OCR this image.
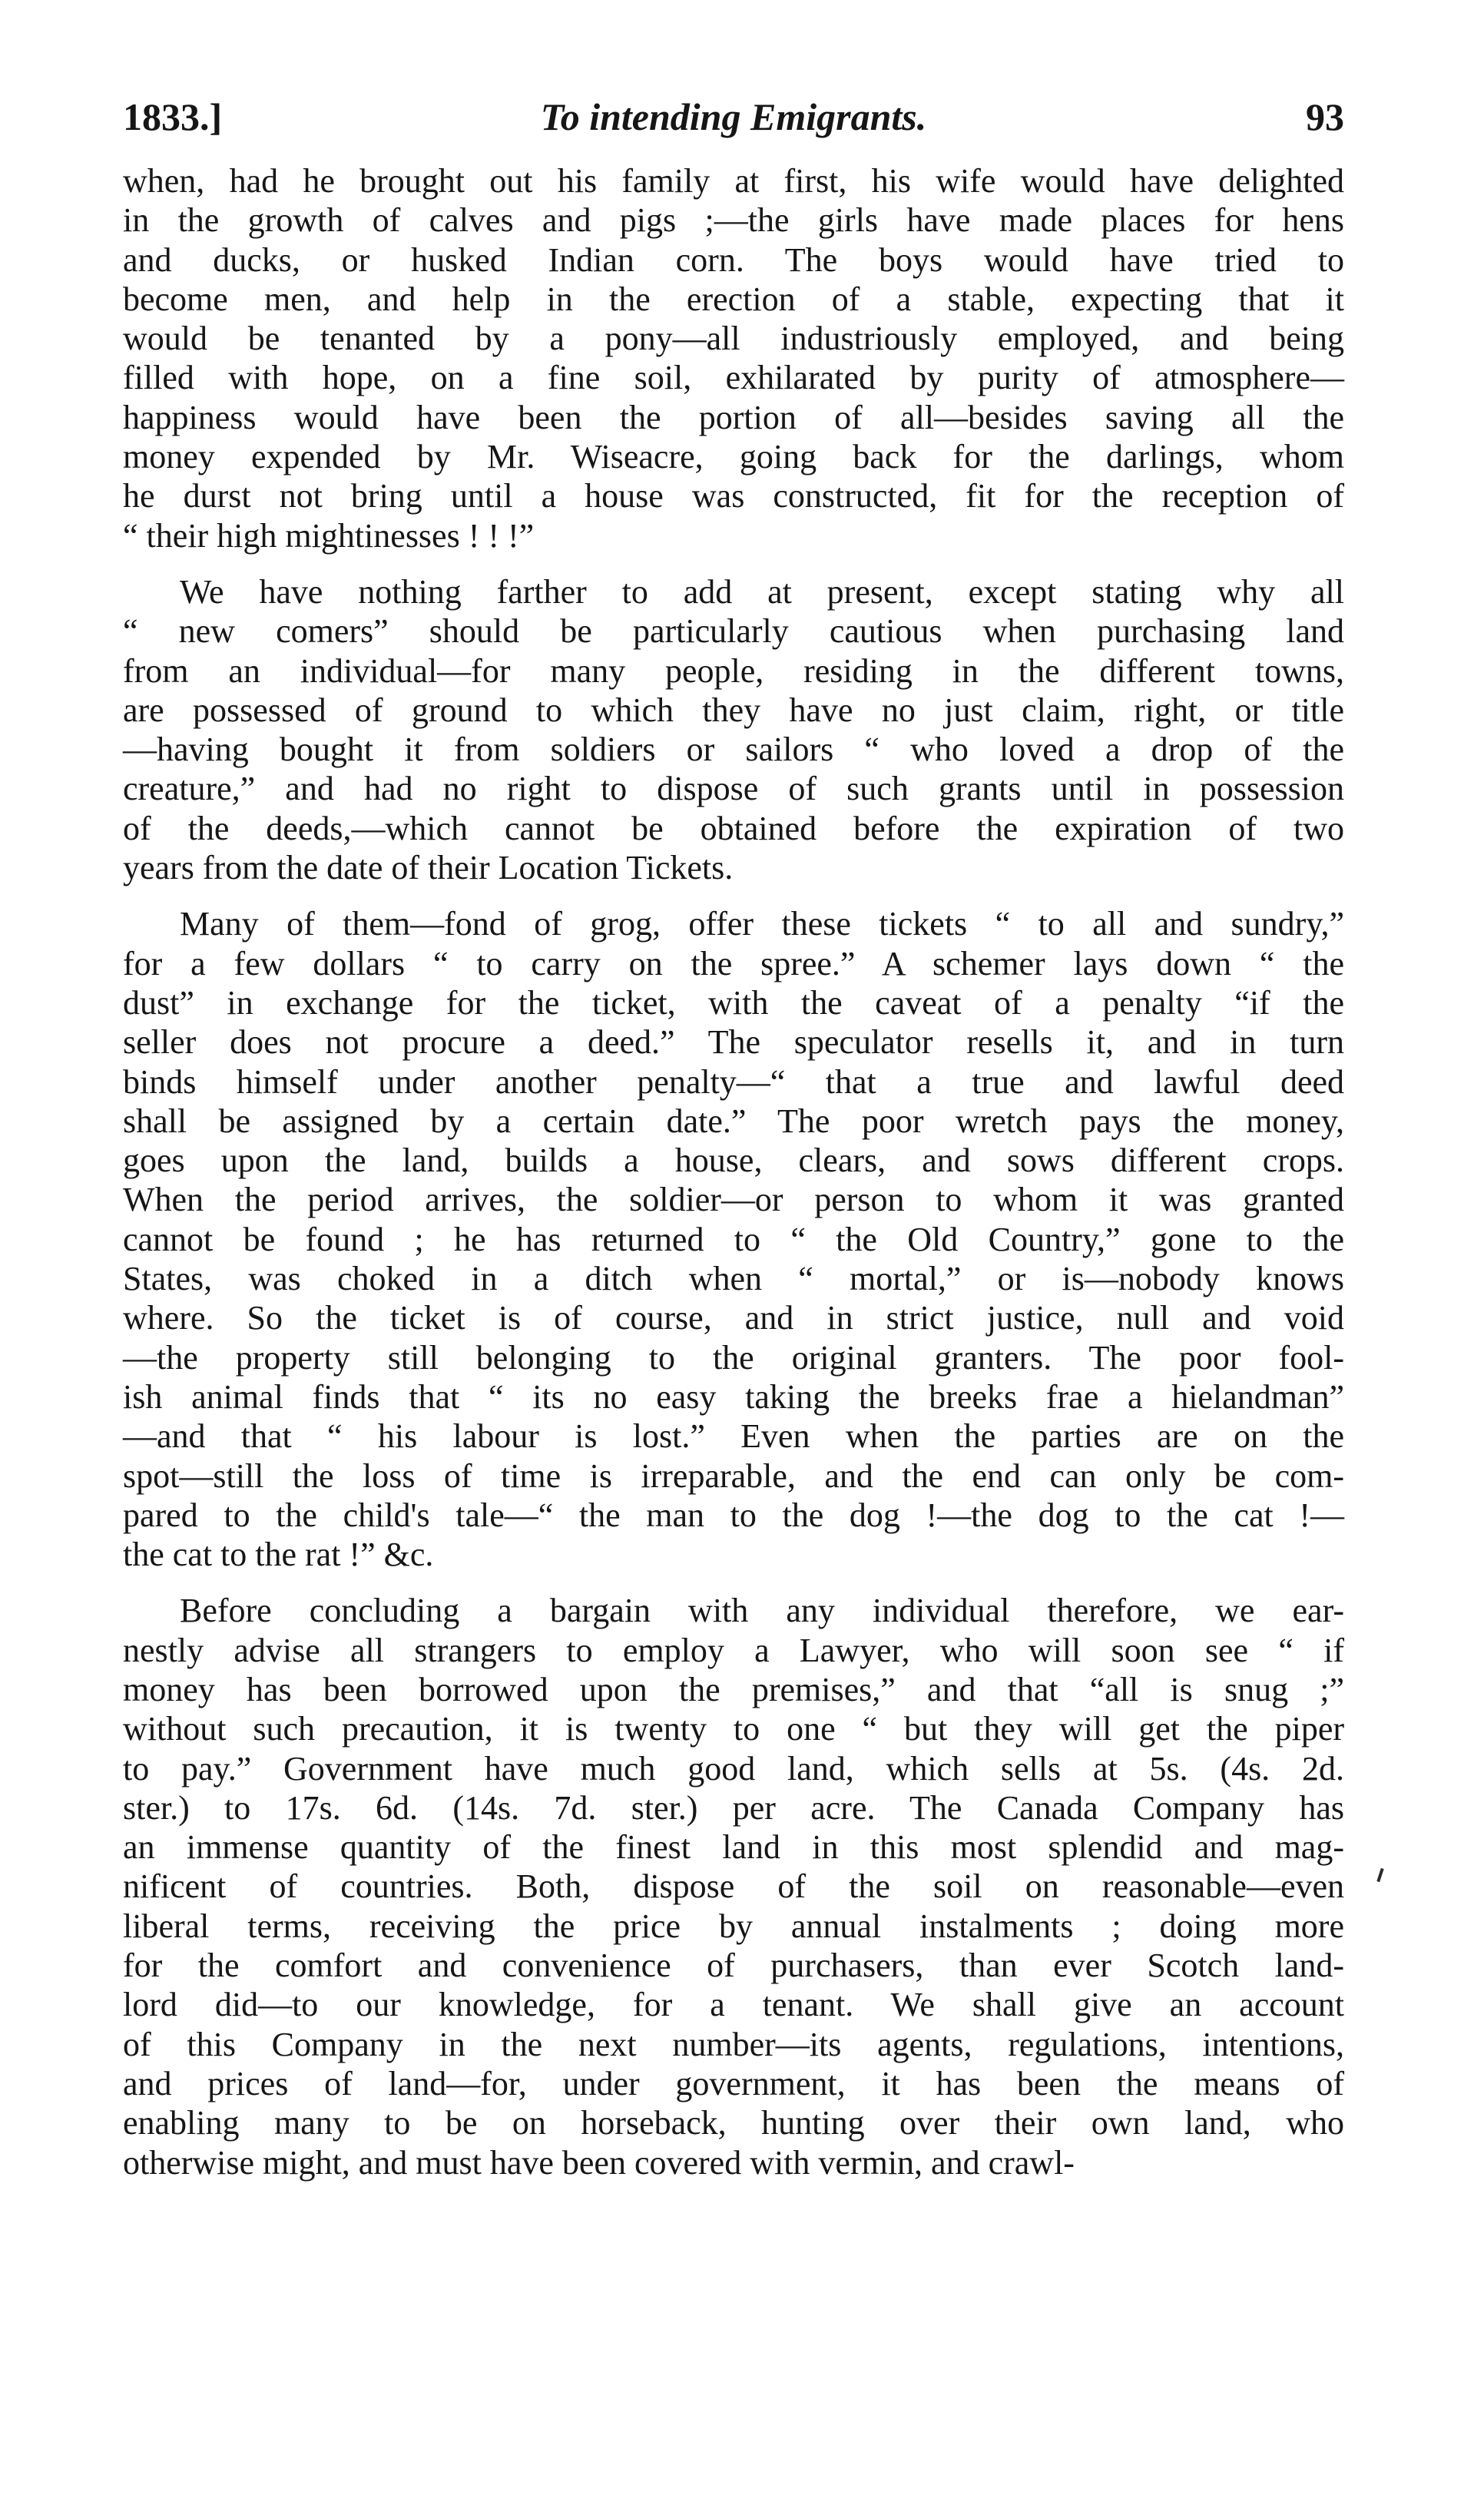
1833.]	To intending Emigrants.	93
when, had he brought out his family at first, his wife would have delighted
in the growth of calves and pigs ;—the girls have made places for hens
and ducks, or husked Indian corn. The boys would have tried to
become men, and help in the erection of a stable, expecting that it
would be tenanted by a pony—all industriously employed, and being
filled with hope, on a fine soil, exhilarated by purity of atmosphere—
happiness would have been the portion of all—besides saving all the
money expended by Mr. Wiseacre, going back for the darlings, whom
he durst not bring until a house was constructed, fit for the reception of
“ their high mightinesses ! ! !”
We have nothing farther to add at present, except stating why all
“ new comers” should be particularly cautious when purchasing land
from an individual—for many people, residing in the different towns,
are possessed of ground to which they have no just claim, right, or title
—having bought it from soldiers or sailors “ who loved a drop of the
creature,” and had no right to dispose of such grants until in possession
of the deeds,—which cannot be obtained before the expiration of two
years from the date of their Location Tickets.
Many of them—fond of grog, offer these tickets “ to all and sundry,”
for a few dollars “ to carry on the spree.” A schemer lays down “ the
dust” in exchange for the ticket, with the caveat of a penalty “if the
seller does not procure a deed.” The speculator resells it, and in turn
binds himself under another penalty—“ that a true and lawful deed
shall be assigned by a certain date.” The poor wretch pays the money,
goes upon the land, builds a house, clears, and sows different crops.
When the period arrives, the soldier—or person to whom it was granted
cannot be found ; he has returned to “ the Old Country,” gone to the
States, was choked in a ditch when “ mortal,” or is—nobody knows
where. So the ticket is of course, and in strict justice, null and void
—the property still belonging to the original granters. The poor fool-
ish animal finds that “ its no easy taking the breeks frae a hielandman”
—and that “ his labour is lost.” Even when the parties are on the
spot—still the loss of time is irreparable, and the end can only be com-
pared to the child's tale—“ the man to the dog !—the dog to the cat !—
the cat to the rat !” &c.
Before concluding a bargain with any individual therefore, we ear-
nestly advise all strangers to employ a Lawyer, who will soon see “ if
money has been borrowed upon the premises,” and that “all is snug ;”
without such precaution, it is twenty to one “ but they will get the piper
to pay.” Government have much good land, which sells at 5s. (4s. 2d.
ster.) to 17s. 6d. (14s. 7d. ster.) per acre. The Canada Company has
an immense quantity of the finest land in this most splendid and mag-
nificent of countries. Both, dispose of the soil on reasonable—even
liberal terms, receiving the price by annual instalments ; doing more
for the comfort and convenience of purchasers, than ever Scotch land-
lord did—to our knowledge, for a tenant. We shall give an account
of this Company in the next number—its agents, regulations, intentions,
and prices of land—for, under government, it has been the means of
enabling many to be on horseback, hunting over their own land, who
otherwise might, and must have been covered with vermin, and crawl-
